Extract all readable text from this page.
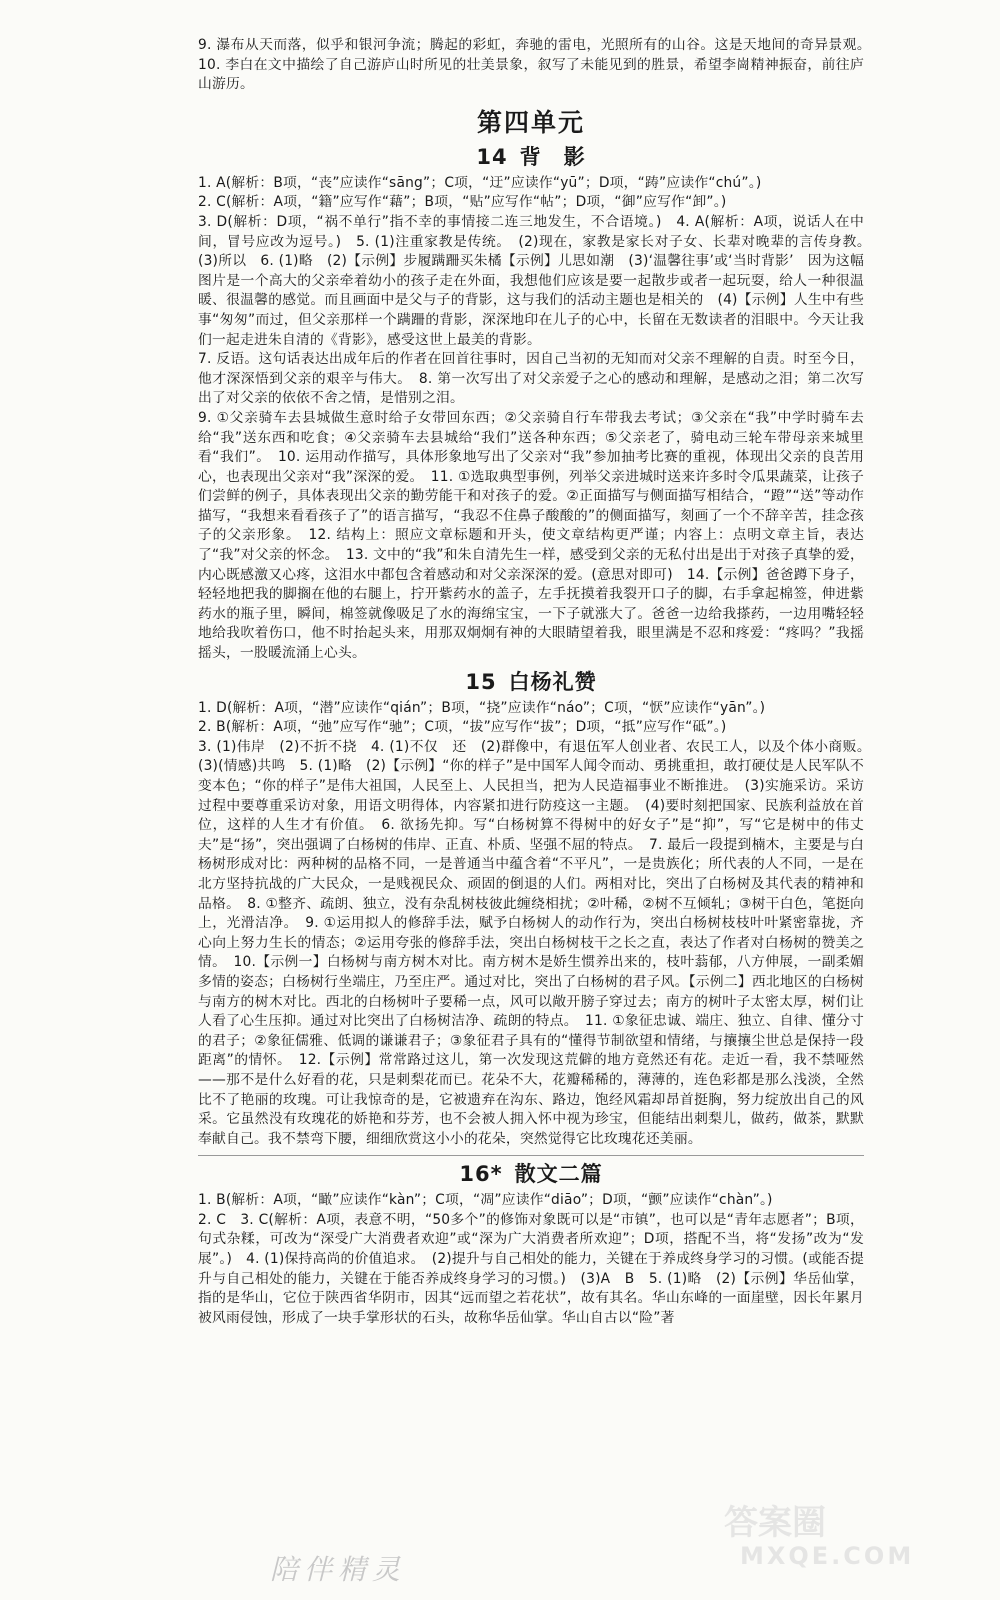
9. 瀑布从天而落，似乎和银河争流；腾起的彩虹，奔驰的雷电，光照所有的山谷。这是天地间的奇异景观。　10. 李白在文中描绘了自己游庐山时所见的壮美景象，叙写了未能见到的胜景，希望李崗精神振奋，前往庐山游历。

第四单元
14 背　影

1. A(解析：B项，“丧”应读作“sāng”；C项，“迂”应读作“yū”；D项，“踌”应读作“chú”。)

2. C(解析：A项，“籍”应写作“藉”；B项，“贴”应写作“帖”；D项，“御”应写作“卸”。)

3. D(解析：D项，“祸不单行”指不幸的事情接二连三地发生，不合语境。)　4. A(解析：A项，说话人在中间，冒号应改为逗号。)　5. (1)注重家教是传统。　(2)现在，家教是家长对子女、长辈对晚辈的言传身教。　(3)所以　6. (1)略　(2)【示例】步履蹒跚买朱橘【示例】儿思如潮　(3)‘温馨往事’或‘当时背影’　因为这幅图片是一个高大的父亲牵着幼小的孩子走在外面，我想他们应该是要一起散步或者一起玩耍，给人一种很温暖、很温馨的感觉。而且画面中是父与子的背影，这与我们的活动主题也是相关的　(4)【示例】人生中有些事“匆匆”而过，但父亲那样一个蹒跚的背影，深深地印在儿子的心中，长留在无数读者的泪眼中。今天让我们一起走进朱自清的《背影》，感受这世上最美的背影。

7. 反语。这句话表达出成年后的作者在回首往事时，因自己当初的无知而对父亲不理解的自责。时至今日，他才深深悟到父亲的艰辛与伟大。　8. 第一次写出了对父亲爱子之心的感动和理解，是感动之泪；第二次写出了对父亲的依依不舍之情，是惜别之泪。

9. ①父亲骑车去县城做生意时给子女带回东西；②父亲骑自行车带我去考试；③父亲在“我”中学时骑车去给“我”送东西和吃食；④父亲骑车去县城给“我们”送各种东西；⑤父亲老了，骑电动三轮车带母亲来城里看“我们”。　10. 运用动作描写，具体形象地写出了父亲对“我”参加抽考比赛的重视，体现出父亲的良苦用心，也表现出父亲对“我”深深的爱。　11. ①选取典型事例，列举父亲进城时送来许多时令瓜果蔬菜，让孩子们尝鲜的例子，具体表现出父亲的勤劳能干和对孩子的爱。②正面描写与侧面描写相结合，“蹬”“送”等动作描写，“我想来看看孩子了”的语言描写，“我忍不住鼻子酸酸的”的侧面描写，刻画了一个不辞辛苦，挂念孩子的父亲形象。　12. 结构上：照应文章标题和开头，使文章结构更严谨；内容上：点明文章主旨，表达了“我”对父亲的怀念。　13. 文中的“我”和朱自清先生一样，感受到父亲的无私付出是出于对孩子真挚的爱，内心既感激又心疼，这泪水中都包含着感动和对父亲深深的爱。(意思对即可)　14.【示例】爸爸蹲下身子，轻轻地把我的脚搁在他的右腿上，拧开紫药水的盖子，左手抚摸着我裂开口子的脚，右手拿起棉签，伸进紫药水的瓶子里，瞬间，棉签就像吸足了水的海绵宝宝，一下子就涨大了。爸爸一边给我搽药，一边用嘴轻轻地给我吹着伤口，他不时抬起头来，用那双炯炯有神的大眼睛望着我，眼里满是不忍和疼爱：“疼吗？”我摇摇头，一股暖流涌上心头。

15 白杨礼赞

1. D(解析：A项，“潜”应读作“qián”；B项，“挠”应读作“náo”；C项，“恹”应读作“yān”。)

2. B(解析：A项，“弛”应写作“驰”；C项，“拔”应写作“拔”；D项，“抵”应写作“砥”。)

3. (1)伟岸　(2)不折不挠　4. (1)不仅　还　(2)群像中，有退伍军人创业者、农民工人，以及个体小商贩。　(3)(情感)共鸣　5. (1)略　(2)【示例】“你的样子”是中国军人闻令而动、勇挑重担，敢打硬仗是人民军队不变本色；“你的样子”是伟大祖国，人民至上、人民担当，把为人民造福事业不断推进。　(3)实施采访。采访过程中要尊重采访对象，用语文明得体，内容紧扣进行防疫这一主题。　(4)要时刻把国家、民族利益放在首位，这样的人生才有价值。　6. 欲扬先抑。写“白杨树算不得树中的好女子”是“抑”，写“它是树中的伟丈夫”是“扬”，突出强调了白杨树的伟岸、正直、朴质、坚强不屈的特点。　7. 最后一段提到楠木，主要是与白杨树形成对比：两种树的品格不同，一是普通当中蕴含着“不平凡”，一是贵族化；所代表的人不同，一是在北方坚持抗战的广大民众，一是贱视民众、顽固的倒退的人们。两相对比，突出了白杨树及其代表的精神和品格。　8. ①整齐、疏朗、独立，没有杂乱树枝彼此缠绕相扰；②叶稀，②树不互倾轧；③树干白色，笔挺向上，光滑洁净。　9. ①运用拟人的修辞手法，赋予白杨树人的动作行为，突出白杨树枝枝叶叶紧密靠拢，齐心向上努力生长的情态；②运用夸张的修辞手法，突出白杨树枝干之长之直，表达了作者对白杨树的赞美之情。　10.【示例一】白杨树与南方树木对比。南方树木是娇生惯养出来的，枝叶蓊郁，八方伸展，一副柔媚多情的姿态；白杨树行坐端庄，乃至庄严。通过对比，突出了白杨树的君子风。【示例二】西北地区的白杨树与南方的树木对比。西北的白杨树叶子要稀一点，风可以敞开膀子穿过去；南方的树叶子太密太厚，树们让人看了心生压抑。通过对比突出了白杨树洁净、疏朗的特点。　11. ①象征忠诚、端庄、独立、自律、懂分寸的君子；②象征儒雅、低调的谦谦君子；③象征君子具有的“懂得节制欲望和情绪，与攘攘尘世总是保持一段距离”的情怀。　12.【示例】常常路过这儿，第一次发现这荒僻的地方竟然还有花。走近一看，我不禁哑然——那不是什么好看的花，只是刺梨花而已。花朵不大，花瓣稀稀的，薄薄的，连色彩都是那么浅淡，全然比不了艳丽的玫瑰。可让我惊奇的是，它被遗弃在沟东、路边，饱经风霜却昂首挺胸，努力绽放出自己的风采。它虽然没有玫瑰花的娇艳和芬芳，也不会被人拥入怀中视为珍宝，但能结出刺梨儿，做药，做茶，默默奉献自己。我不禁弯下腰，细细欣赏这小小的花朵，突然觉得它比玫瑰花还美丽。

16* 散文二篇

1. B(解析：A项，“瞰”应读作“kàn”；C项，“凋”应读作“diāo”；D项，“颤”应读作“chàn”。)

2. C　3. C(解析：A项，表意不明，“50多个”的修饰对象既可以是“市镇”，也可以是“青年志愿者”；B项，句式杂糅，可改为“深受广大消费者欢迎”或“深为广大消费者所欢迎”；D项，搭配不当，将“发扬”改为“发展”。)　4. (1)保持高尚的价值追求。　(2)提升与自己相处的能力，关键在于养成终身学习的习惯。(或能否提升与自己相处的能力，关键在于能否养成终身学习的习惯。)　(3)A　B　5. (1)略　(2)【示例】华岳仙掌，指的是华山，它位于陕西省华阴市，因其“远而望之若花状”，故有其名。华山东峰的一面崖壁，因长年累月被风雨侵蚀，形成了一块手掌形状的石头，故称华岳仙掌。华山自古以“险”著

陪伴精灵
答案圈
MXQE.COM
